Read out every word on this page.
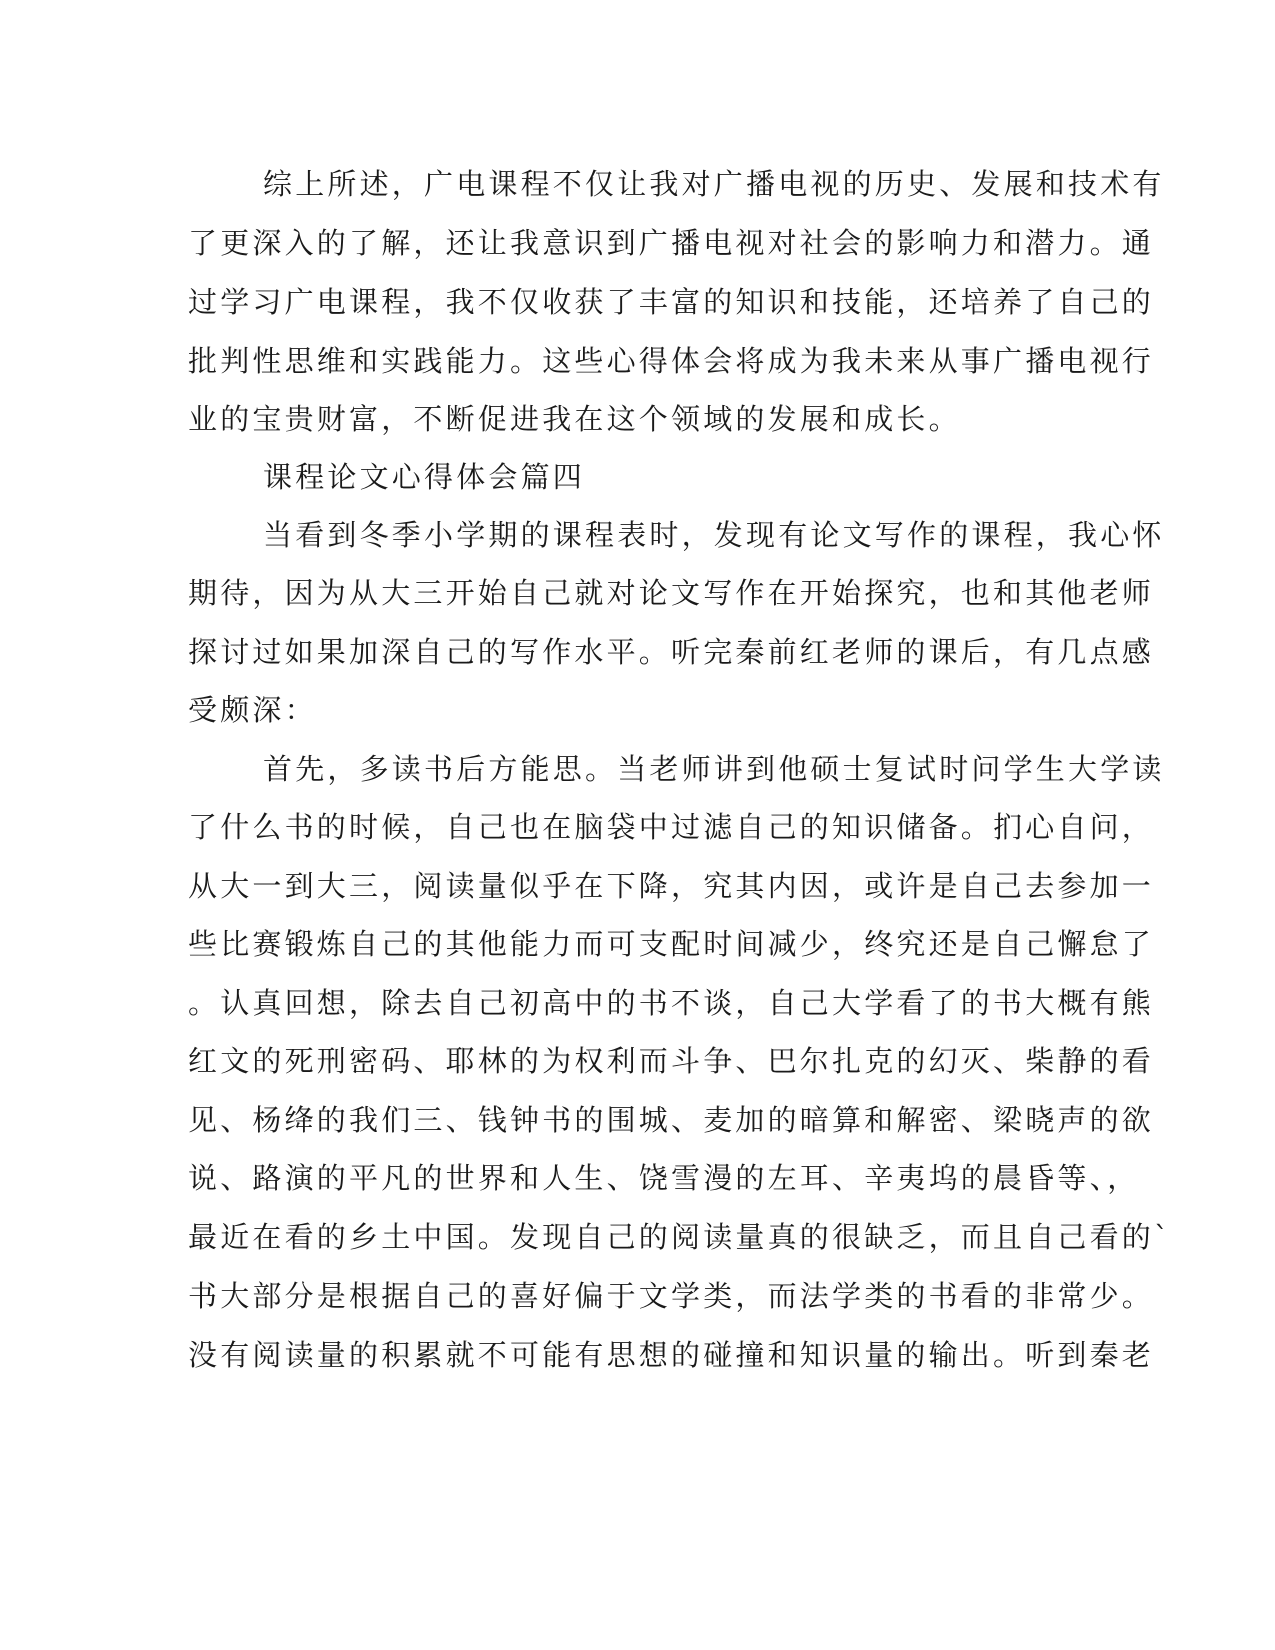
综上所述，广电课程不仅让我对广播电视的历史、发展和技术有
了更深入的了解，还让我意识到广播电视对社会的影响力和潜力。通
过学习广电课程，我不仅收获了丰富的知识和技能，还培养了自己的
批判性思维和实践能力。这些心得体会将成为我未来从事广播电视行
业的宝贵财富，不断促进我在这个领域的发展和成长。
课程论文心得体会篇四
当看到冬季小学期的课程表时，发现有论文写作的课程，我心怀
期待，因为从大三开始自己就对论文写作在开始探究，也和其他老师
探讨过如果加深自己的写作水平。听完秦前红老师的课后，有几点感
受颇深：
首先，多读书后方能思。当老师讲到他硕士复试时问学生大学读
了什么书的时候，自己也在脑袋中过滤自己的知识储备。扪心自问，
从大一到大三，阅读量似乎在下降，究其内因，或许是自己去参加一
些比赛锻炼自己的其他能力而可支配时间减少，终究还是自己懈怠了
。认真回想，除去自己初高中的书不谈，自己大学看了的书大概有熊
红文的死刑密码、耶林的为权利而斗争、巴尔扎克的幻灭、柴静的看
见、杨绛的我们三、钱钟书的围城、麦加的暗算和解密、梁晓声的欲
说、路演的平凡的世界和人生、饶雪漫的左耳、辛夷坞的晨昏等、，
最近在看的乡土中国。发现自己的阅读量真的很缺乏，而且自己看的`
书大部分是根据自己的喜好偏于文学类，而法学类的书看的非常少。
没有阅读量的积累就不可能有思想的碰撞和知识量的输出。听到秦老
